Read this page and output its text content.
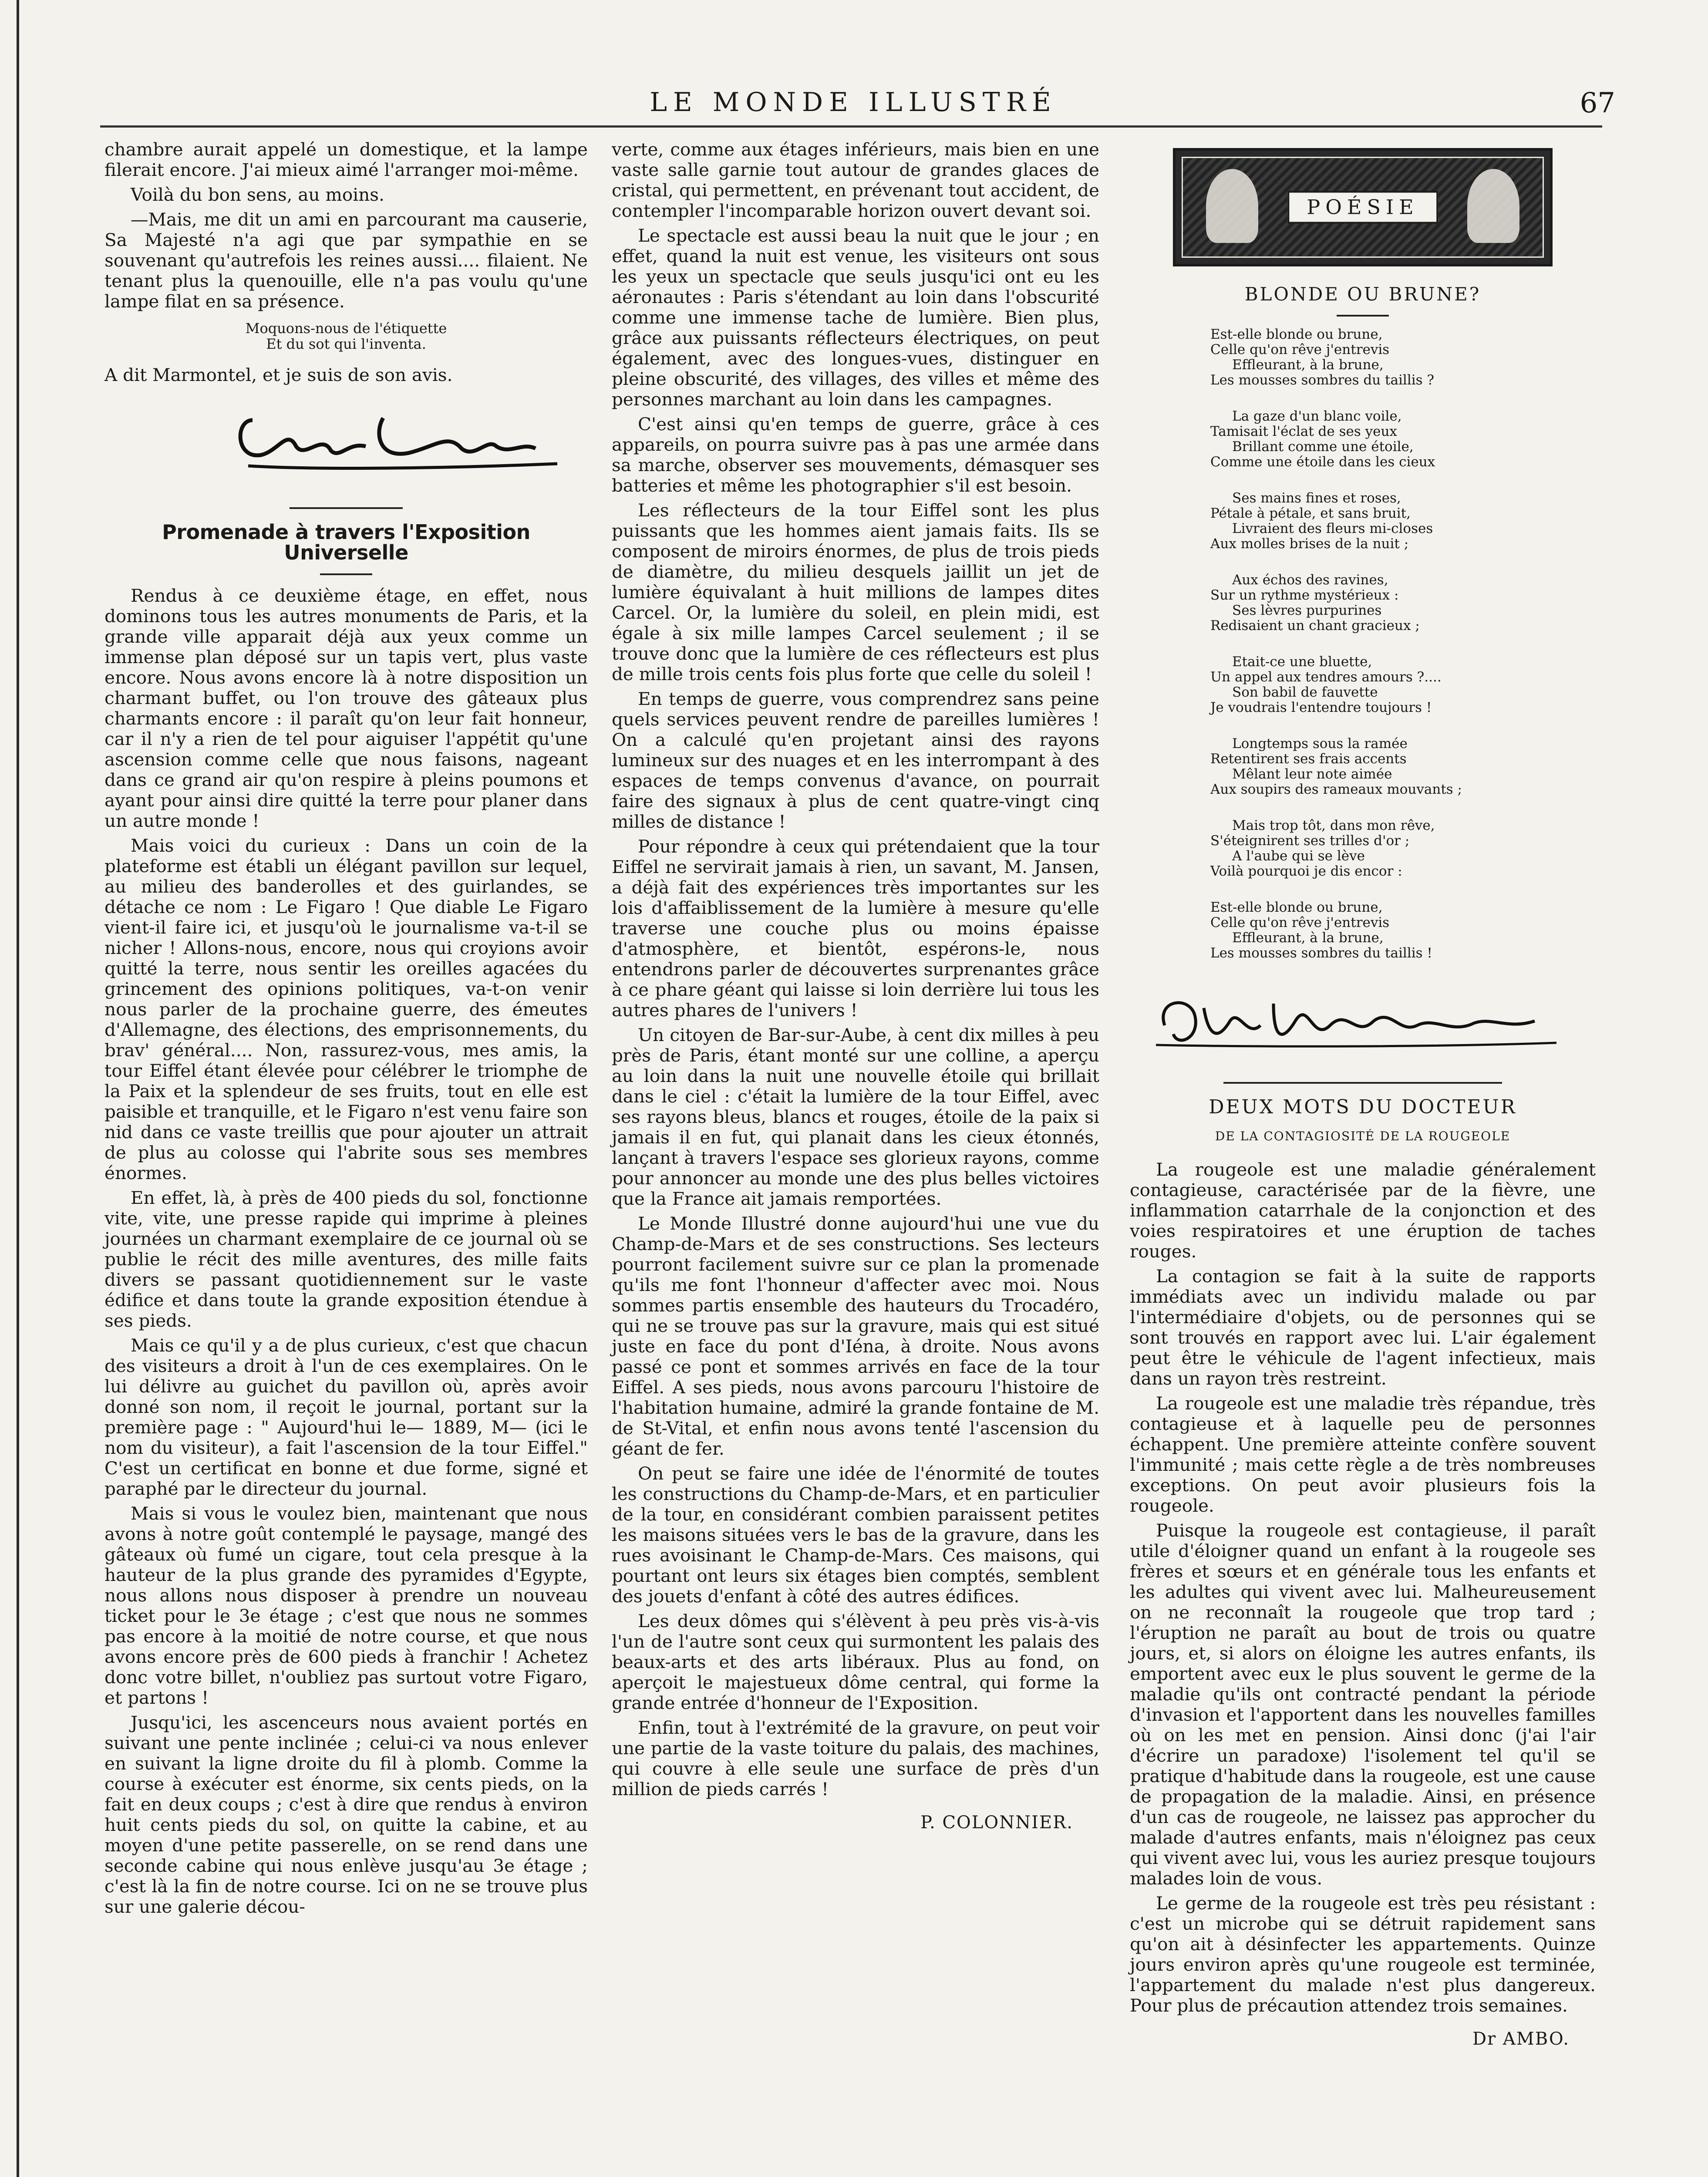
LE MONDE ILLUSTRÉ	67

chambre aurait appelé un domestique, et la lampe filerait encore. J'ai mieux aimé l'arranger moi-même.

Voilà du bon sens, au moins.

—Mais, me dit un ami en parcourant ma causerie, Sa Majesté n'a agi que par sympathie en se souvenant qu'autrefois les reines aussi.... filaient. Ne tenant plus la quenouille, elle n'a pas voulu qu'une lampe filat en sa présence.

Moquons-nous de l'étiquette
Et du sot qui l'inventa.

A dit Marmontel, et je suis de son avis.

Promenade à travers l'Exposition Universelle

Rendus à ce deuxième étage, en effet, nous dominons tous les autres monuments de Paris, et la grande ville apparait déjà aux yeux comme un immense plan déposé sur un tapis vert, plus vaste encore. Nous avons encore là à notre disposition un charmant buffet, ou l'on trouve des gâteaux plus charmants encore : il paraît qu'on leur fait honneur, car il n'y a rien de tel pour aiguiser l'appétit qu'une ascension comme celle que nous faisons, nageant dans ce grand air qu'on respire à pleins poumons et ayant pour ainsi dire quitté la terre pour planer dans un autre monde !

Mais voici du curieux : Dans un coin de la plateforme est établi un élégant pavillon sur lequel, au milieu des banderolles et des guirlandes, se détache ce nom : Le Figaro ! Que diable Le Figaro vient-il faire ici, et jusqu'où le journalisme va-t-il se nicher ! Allons-nous, encore, nous qui croyions avoir quitté la terre, nous sentir les oreilles agacées du grincement des opinions politiques, va-t-on venir nous parler de la prochaine guerre, des émeutes d'Allemagne, des élections, des emprisonnements, du brav' général.... Non, rassurez-vous, mes amis, la tour Eiffel étant élevée pour célébrer le triomphe de la Paix et la splendeur de ses fruits, tout en elle est paisible et tranquille, et le Figaro n'est venu faire son nid dans ce vaste treillis que pour ajouter un attrait de plus au colosse qui l'abrite sous ses membres énormes.

En effet, là, à près de 400 pieds du sol, fonctionne vite, vite, une presse rapide qui imprime à pleines journées un charmant exemplaire de ce journal où se publie le récit des mille aventures, des mille faits divers se passant quotidiennement sur le vaste édifice et dans toute la grande exposition étendue à ses pieds.

Mais ce qu'il y a de plus curieux, c'est que chacun des visiteurs a droit à l'un de ces exemplaires. On le lui délivre au guichet du pavillon où, après avoir donné son nom, il reçoit le journal, portant sur la première page : " Aujourd'hui le— 1889, M— (ici le nom du visiteur), a fait l'ascension de la tour Eiffel." C'est un certificat en bonne et due forme, signé et paraphé par le directeur du journal.

Mais si vous le voulez bien, maintenant que nous avons à notre goût contemplé le paysage, mangé des gâteaux où fumé un cigare, tout cela presque à la hauteur de la plus grande des pyramides d'Egypte, nous allons nous disposer à prendre un nouveau ticket pour le 3e étage ; c'est que nous ne sommes pas encore à la moitié de notre course, et que nous avons encore près de 600 pieds à franchir ! Achetez donc votre billet, n'oubliez pas surtout votre Figaro, et partons !

Jusqu'ici, les ascenceurs nous avaient portés en suivant une pente inclinée ; celui-ci va nous enlever en suivant la ligne droite du fil à plomb. Comme la course à exécuter est énorme, six cents pieds, on la fait en deux coups ; c'est à dire que rendus à environ huit cents pieds du sol, on quitte la cabine, et au moyen d'une petite passerelle, on se rend dans une seconde cabine qui nous enlève jusqu'au 3e étage ; c'est là la fin de notre course. Ici on ne se trouve plus sur une galerie décou-

verte, comme aux étages inférieurs, mais bien en une vaste salle garnie tout autour de grandes glaces de cristal, qui permettent, en prévenant tout accident, de contempler l'incomparable horizon ouvert devant soi.

Le spectacle est aussi beau la nuit que le jour ; en effet, quand la nuit est venue, les visiteurs ont sous les yeux un spectacle que seuls jusqu'ici ont eu les aéronautes : Paris s'étendant au loin dans l'obscurité comme une immense tache de lumière. Bien plus, grâce aux puissants réflecteurs électriques, on peut également, avec des longues-vues, distinguer en pleine obscurité, des villages, des villes et même des personnes marchant au loin dans les campagnes.

C'est ainsi qu'en temps de guerre, grâce à ces appareils, on pourra suivre pas à pas une armée dans sa marche, observer ses mouvements, démasquer ses batteries et même les photographier s'il est besoin.

Les réflecteurs de la tour Eiffel sont les plus puissants que les hommes aient jamais faits. Ils se composent de miroirs énormes, de plus de trois pieds de diamètre, du milieu desquels jaillit un jet de lumière équivalant à huit millions de lampes dites Carcel. Or, la lumière du soleil, en plein midi, est égale à six mille lampes Carcel seulement ; il se trouve donc que la lumière de ces réflecteurs est plus de mille trois cents fois plus forte que celle du soleil !

En temps de guerre, vous comprendrez sans peine quels services peuvent rendre de pareilles lumières ! On a calculé qu'en projetant ainsi des rayons lumineux sur des nuages et en les interrompant à des espaces de temps convenus d'avance, on pourrait faire des signaux à plus de cent quatre-vingt cinq milles de distance !

Pour répondre à ceux qui prétendaient que la tour Eiffel ne servirait jamais à rien, un savant, M. Jansen, a déjà fait des expériences très importantes sur les lois d'affaiblissement de la lumière à mesure qu'elle traverse une couche plus ou moins épaisse d'atmosphère, et bientôt, espérons-le, nous entendrons parler de découvertes surprenantes grâce à ce phare géant qui laisse si loin derrière lui tous les autres phares de l'univers !

Un citoyen de Bar-sur-Aube, à cent dix milles à peu près de Paris, étant monté sur une colline, a aperçu au loin dans la nuit une nouvelle étoile qui brillait dans le ciel : c'était la lumière de la tour Eiffel, avec ses rayons bleus, blancs et rouges, étoile de la paix si jamais il en fut, qui planait dans les cieux étonnés, lançant à travers l'espace ses glorieux rayons, comme pour annoncer au monde une des plus belles victoires que la France ait jamais remportées.

Le Monde Illustré donne aujourd'hui une vue du Champ-de-Mars et de ses constructions. Ses lecteurs pourront facilement suivre sur ce plan la promenade qu'ils me font l'honneur d'affecter avec moi. Nous sommes partis ensemble des hauteurs du Trocadéro, qui ne se trouve pas sur la gravure, mais qui est situé juste en face du pont d'Iéna, à droite. Nous avons passé ce pont et sommes arrivés en face de la tour Eiffel. A ses pieds, nous avons parcouru l'histoire de l'habitation humaine, admiré la grande fontaine de M. de St-Vital, et enfin nous avons tenté l'ascension du géant de fer.

On peut se faire une idée de l'énormité de toutes les constructions du Champ-de-Mars, et en particulier de la tour, en considérant combien paraissent petites les maisons situées vers le bas de la gravure, dans les rues avoisinant le Champ-de-Mars. Ces maisons, qui pourtant ont leurs six étages bien comptés, semblent des jouets d'enfant à côté des autres édifices.

Les deux dômes qui s'élèvent à peu près vis-à-vis l'un de l'autre sont ceux qui surmontent les palais des beaux-arts et des arts libéraux. Plus au fond, on aperçoit le majestueux dôme central, qui forme la grande entrée d'honneur de l'Exposition.

Enfin, tout à l'extrémité de la gravure, on peut voir une partie de la vaste toiture du palais, des machines, qui couvre à elle seule une surface de près d'un million de pieds carrés !

P. COLONNIER.
POÉSIE
BLONDE OU BRUNE?
Est-elle blonde ou brune,
Celle qu'on rêve j'entrevis
Effleurant, à la brune,
Les mousses sombres du taillis ?
La gaze d'un blanc voile,
Tamisait l'éclat de ses yeux
Brillant comme une étoile,
Comme une étoile dans les cieux
Ses mains fines et roses,
Pétale à pétale, et sans bruit,
Livraient des fleurs mi-closes
Aux molles brises de la nuit ;
Aux échos des ravines,
Sur un rythme mystérieux :
Ses lèvres purpurines
Redisaient un chant gracieux ;
Etait-ce une bluette,
Un appel aux tendres amours ?....
Son babil de fauvette
Je voudrais l'entendre toujours !
Longtemps sous la ramée
Retentirent ses frais accents
Mêlant leur note aimée
Aux soupirs des rameaux mouvants ;
Mais trop tôt, dans mon rêve,
S'éteignirent ses trilles d'or ;
A l'aube qui se lève
Voilà pourquoi je dis encor :
Est-elle blonde ou brune,
Celle qu'on rêve j'entrevis
Effleurant, à la brune,
Les mousses sombres du taillis !
DEUX MOTS DU DOCTEUR
DE LA CONTAGIOSITÉ DE LA ROUGEOLE

La rougeole est une maladie généralement contagieuse, caractérisée par de la fièvre, une inflammation catarrhale de la conjonction et des voies respiratoires et une éruption de taches rouges.

La contagion se fait à la suite de rapports immédiats avec un individu malade ou par l'intermédiaire d'objets, ou de personnes qui se sont trouvés en rapport avec lui. L'air également peut être le véhicule de l'agent infectieux, mais dans un rayon très restreint.

La rougeole est une maladie très répandue, très contagieuse et à laquelle peu de personnes échappent. Une première atteinte confère souvent l'immunité ; mais cette règle a de très nombreuses exceptions. On peut avoir plusieurs fois la rougeole.

Puisque la rougeole est contagieuse, il paraît utile d'éloigner quand un enfant à la rougeole ses frères et sœurs et en générale tous les enfants et les adultes qui vivent avec lui. Malheureusement on ne reconnaît la rougeole que trop tard ; l'éruption ne paraît au bout de trois ou quatre jours, et, si alors on éloigne les autres enfants, ils emportent avec eux le plus souvent le germe de la maladie qu'ils ont contracté pendant la période d'invasion et l'apportent dans les nouvelles familles où on les met en pension. Ainsi donc (j'ai l'air d'écrire un paradoxe) l'isolement tel qu'il se pratique d'habitude dans la rougeole, est une cause de propagation de la maladie. Ainsi, en présence d'un cas de rougeole, ne laissez pas approcher du malade d'autres enfants, mais n'éloignez pas ceux qui vivent avec lui, vous les auriez presque toujours malades loin de vous.

Le germe de la rougeole est très peu résistant : c'est un microbe qui se détruit rapidement sans qu'on ait à désinfecter les appartements. Quinze jours environ après qu'une rougeole est terminée, l'appartement du malade n'est plus dangereux. Pour plus de précaution attendez trois semaines.

Dr AMBO.
